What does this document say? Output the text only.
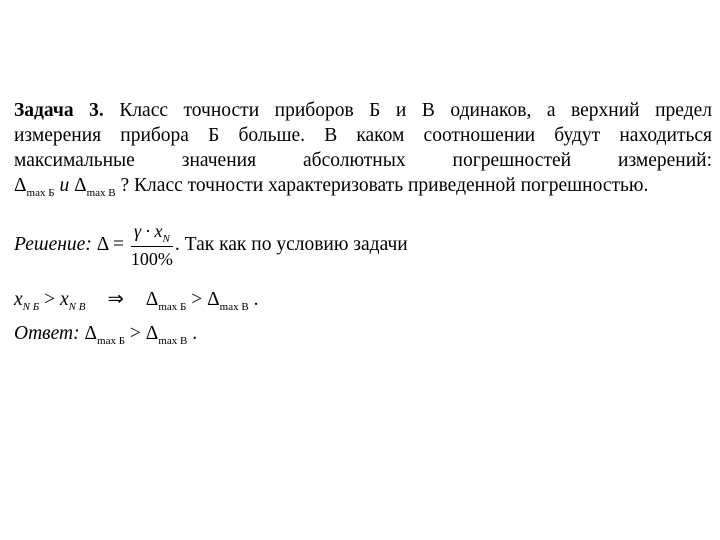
Задача 3. Класс точности приборов Б и В одинаков, а верхний предел
измерения прибора Б больше. В каком соотношении будут находиться
максимальные значения абсолютных погрешностей измерений:
$\Delta_{max Б}$ и $\Delta_{max В}$ ? Класс точности характеризовать приведенной погрешностью.
Решение: $\Delta = \frac{\gamma \cdot x_N}{100\%}$ . Так как по условию задачи
$x_{N Б} > x_{N В}$ ⇒ $\Delta_{max Б} > \Delta_{max В}$ .
Ответ: $\Delta_{max Б} > \Delta_{max В}$ .
